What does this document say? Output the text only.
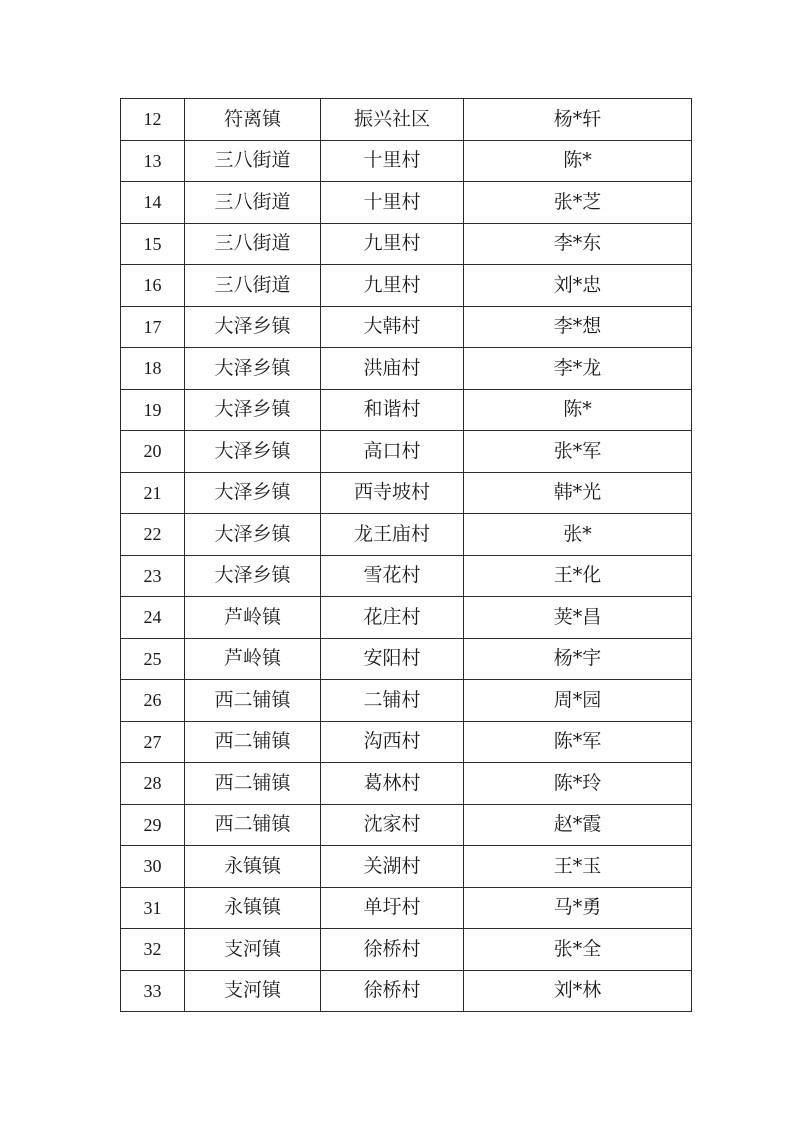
12	符离镇	振兴社区	杨*轩
13	三八街道	十里村	陈*
14	三八街道	十里村	张*芝
15	三八街道	九里村	李*东
16	三八街道	九里村	刘*忠
17	大泽乡镇	大韩村	李*想
18	大泽乡镇	洪庙村	李*龙
19	大泽乡镇	和谐村	陈*
20	大泽乡镇	高口村	张*军
21	大泽乡镇	西寺坡村	韩*光
22	大泽乡镇	龙王庙村	张*
23	大泽乡镇	雪花村	王*化
24	芦岭镇	花庄村	荚*昌
25	芦岭镇	安阳村	杨*宇
26	西二铺镇	二铺村	周*园
27	西二铺镇	沟西村	陈*军
28	西二铺镇	葛林村	陈*玲
29	西二铺镇	沈家村	赵*霞
30	永镇镇	关湖村	王*玉
31	永镇镇	单圩村	马*勇
32	支河镇	徐桥村	张*全
33	支河镇	徐桥村	刘*林
